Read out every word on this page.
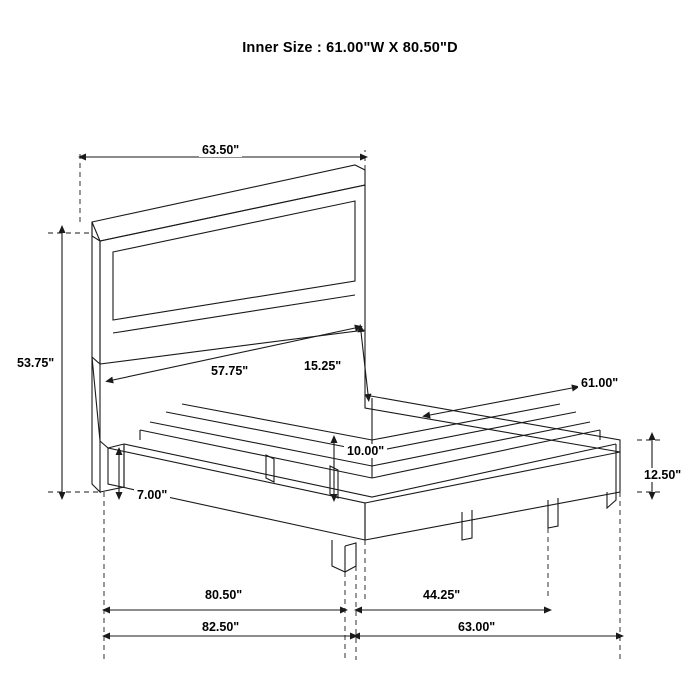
Inner Size : 61.00"W X 80.50"D
63.50"
53.75"
57.75"	15.25"
61.00"
10.00"
12.50"
7.00"
80.50"	44.25"
82.50"	63.00"
